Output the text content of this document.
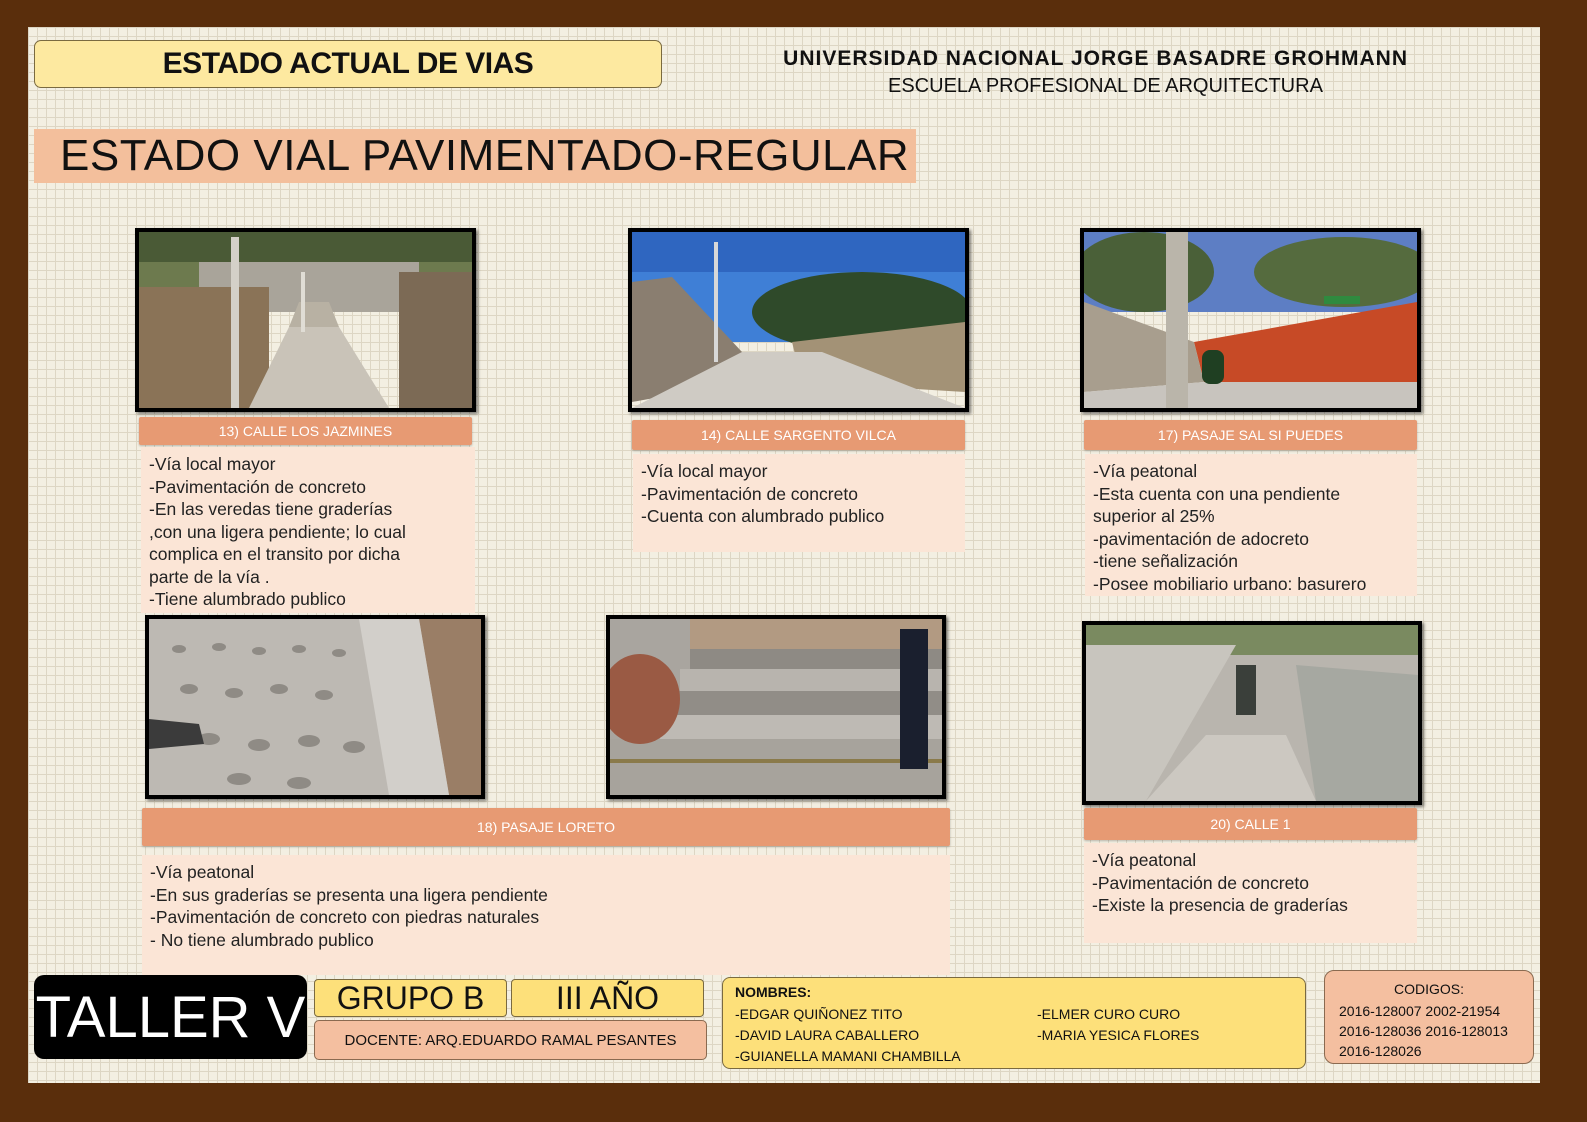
ESTADO ACTUAL DE VIAS	UNIVERSIDAD NACIONAL JORGE BASADRE GROHMANN
ESCUELA PROFESIONAL DE ARQUITECTURA
ESTADO VIAL PAVIMENTADO-REGULAR
13) CALLE LOS JAZMINES
-Vía local mayor
-Pavimentación de concreto
-En las veredas tiene graderías
,con una ligera pendiente; lo cual
complica en el transito por dicha
parte de la vía .
-Tiene alumbrado publico
14) CALLE SARGENTO VILCA
-Vía local mayor
-Pavimentación de concreto
-Cuenta con alumbrado publico
17) PASAJE SAL SI PUEDES
-Vía peatonal
-Esta cuenta con una pendiente
superior al 25%
-pavimentación de adocreto
-tiene señalización
-Posee mobiliario urbano: basurero
18) PASAJE LORETO
-Vía peatonal
-En sus graderías se presenta una ligera pendiente
-Pavimentación de concreto con piedras naturales
- No tiene alumbrado publico
20) CALLE 1
-Vía peatonal
-Pavimentación de concreto
-Existe la presencia de graderías
TALLER V GRUPO B	III AÑO
DOCENTE: ARQ.EDUARDO RAMAL PESANTES
NOMBRES:
-EDGAR QUIÑONEZ TITO
-DAVID LAURA CABALLERO
-GUIANELLA MAMANI CHAMBILLA
-ELMER CURO CURO
-MARIA YESICA FLORES
CODIGOS:
2016-128007 2002-21954
2016-128036 2016-128013
2016-128026
